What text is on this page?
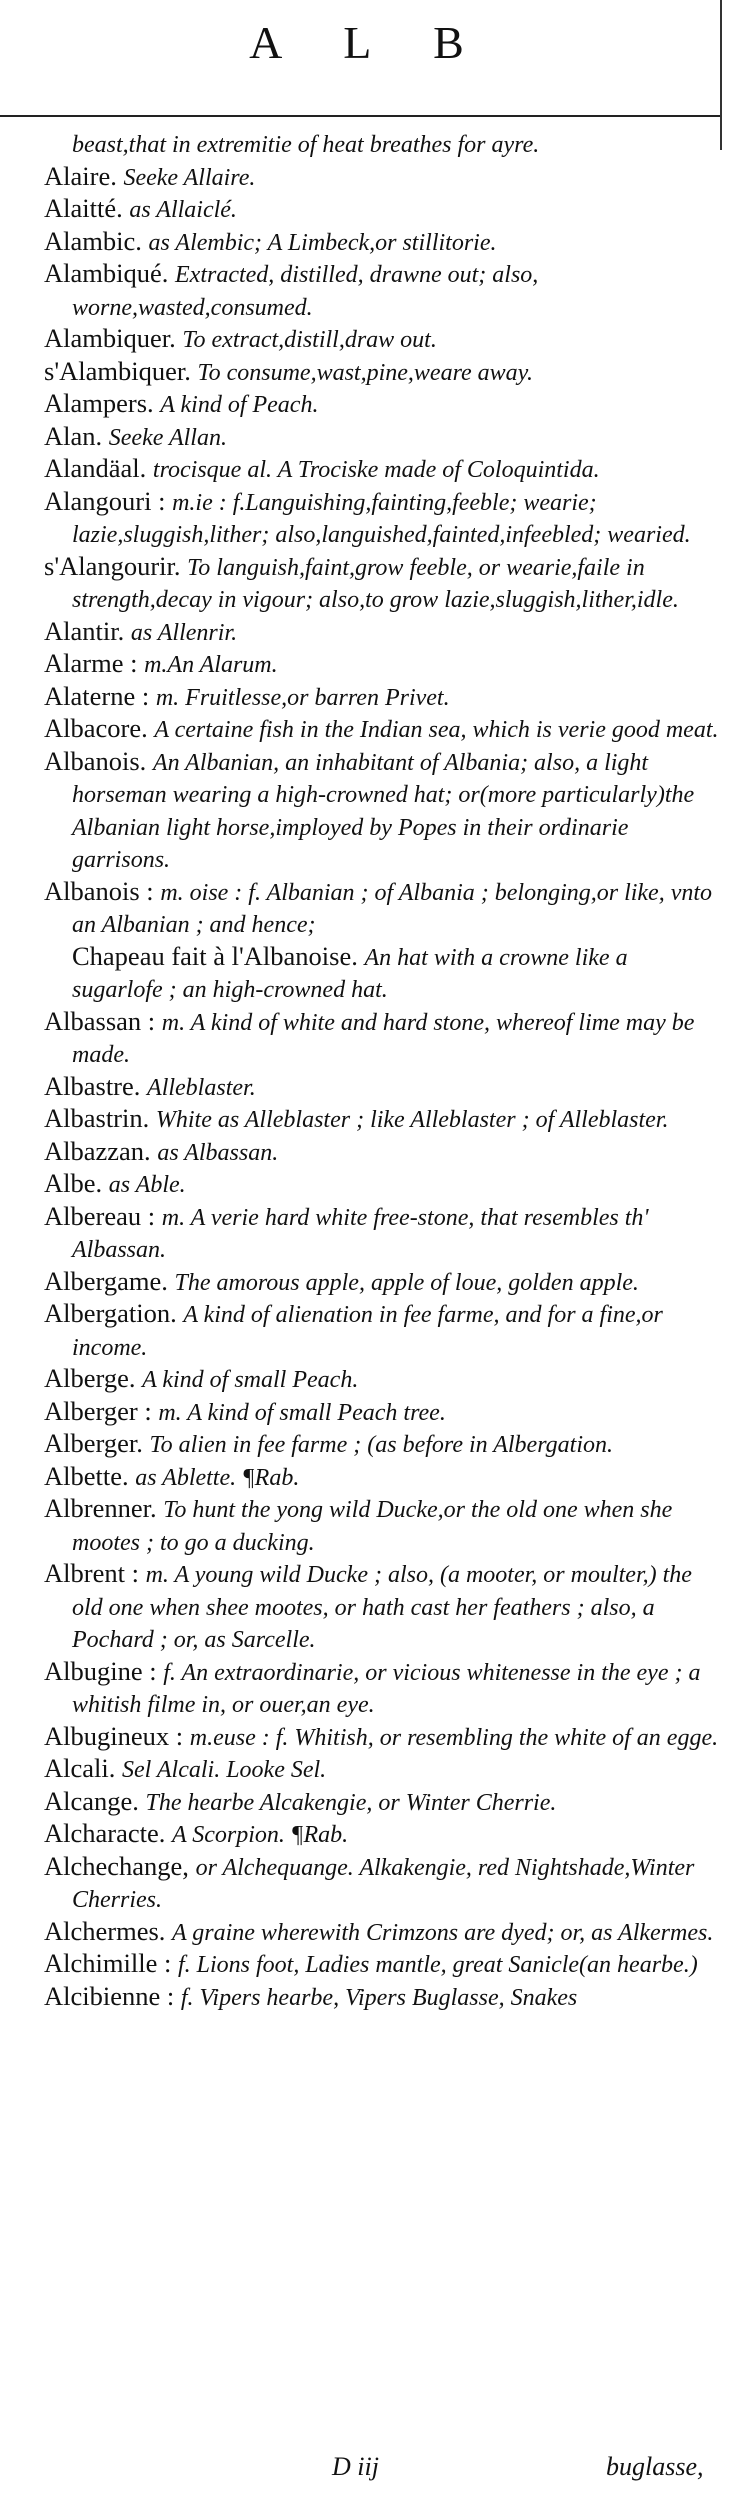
A L B

beast,that in extremitie of heat breathes for ayre.

Alaire. Seeke Allaire.

Alaitté. as Allaiclé.

Alambic. as Alembic; A Limbeck,or stillitorie.

Alambiqué. Extracted, distilled, drawne out; also, worne,wasted,consumed.

Alambiquer. To extract,distill,draw out.

s'Alambiquer. To consume,wast,pine,weare away.

Alampers. A kind of Peach.

Alan. Seeke Allan.

Alandäal. trocisque al. A Trociske made of Coloquintida.

Alangouri : m.ie : f.Languishing,fainting,feeble; wearie; lazie,sluggish,lither; also,languished,fainted,infeebled; wearied.

s'Alangourir. To languish,faint,grow feeble, or wearie,faile in strength,decay in vigour; also,to grow lazie,sluggish,lither,idle.

Alantir. as Allenrir.

Alarme : m.An Alarum.

Alaterne : m. Fruitlesse,or barren Privet.

Albacore. A certaine fish in the Indian sea, which is verie good meat.

Albanois. An Albanian, an inhabitant of Albania; also, a light horseman wearing a high-crowned hat; or(more particularly)the Albanian light horse,imployed by Popes in their ordinarie garrisons.

Albanois : m. oise : f. Albanian ; of Albania ; belonging,or like, vnto an Albanian ; and hence;

Chapeau fait à l'Albanoise. An hat with a crowne like a sugarlofe ; an high-crowned hat.

Albassan : m. A kind of white and hard stone, whereof lime may be made.

Albastre. Alleblaster.

Albastrin. White as Alleblaster ; like Alleblaster ; of Alleblaster.

Albazzan. as Albassan.

Albe. as Able.

Albereau : m. A verie hard white free-stone, that resembles th' Albassan.

Albergame. The amorous apple, apple of loue, golden apple.

Albergation. A kind of alienation in fee farme, and for a fine,or income.

Alberge. A kind of small Peach.

Alberger : m. A kind of small Peach tree.

Alberger. To alien in fee farme ; (as before in Albergation.

Albette. as Ablette. ¶Rab.

Albrenner. To hunt the yong wild Ducke,or the old one when she mootes ; to go a ducking.

Albrent : m. A young wild Ducke ; also, (a mooter, or moulter,) the old one when shee mootes, or hath cast her feathers ; also, a Pochard ; or, as Sarcelle.

Albugine : f. An extraordinarie, or vicious whitenesse in the eye ; a whitish filme in, or ouer,an eye.

Albugineux : m.euse : f. Whitish, or resembling the white of an egge.

Alcali. Sel Alcali. Looke Sel.

Alcange. The hearbe Alcakengie, or Winter Cherrie.

Alcharacte. A Scorpion. ¶Rab.

Alchechange, or Alchequange. Alkakengie, red Nightshade,Winter Cherries.

Alchermes. A graine wherewith Crimzons are dyed; or, as Alkermes.

Alchimille : f. Lions foot, Ladies mantle, great Sanicle(an hearbe.)

Alcibienne : f. Vipers hearbe, Vipers Buglasse, Snakes

D iij	buglasse,
